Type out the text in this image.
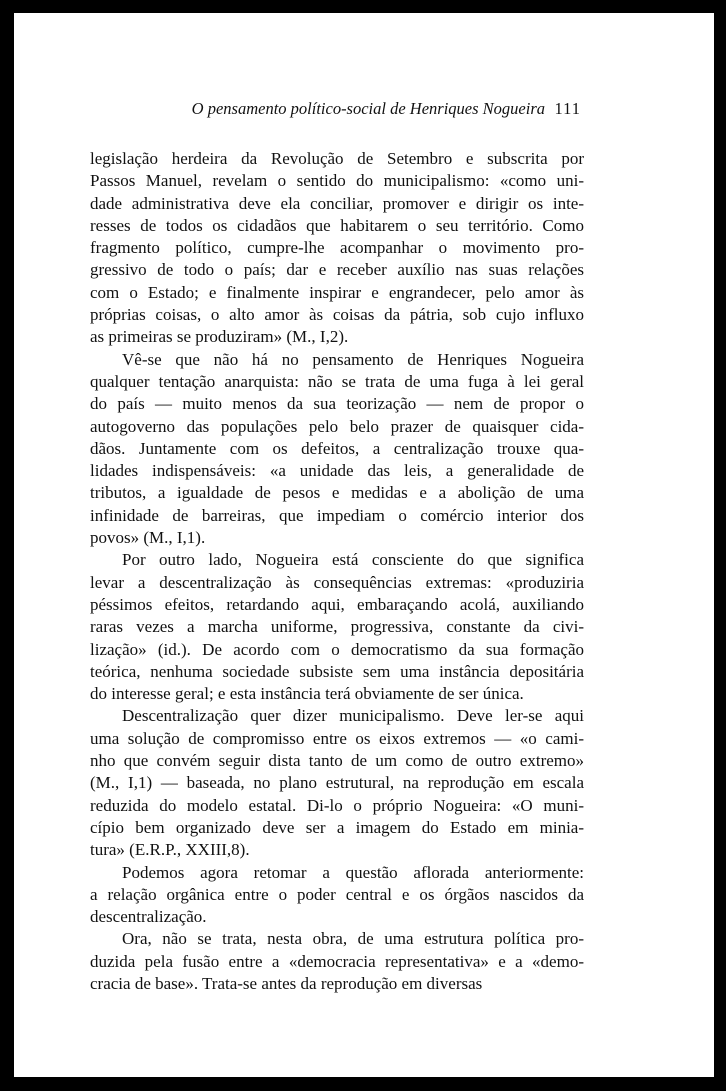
O pensamento político-social de Henriques Nogueira 111
legislação herdeira da Revolução de Setembro e subscrita por
Passos Manuel, revelam o sentido do municipalismo: «como uni-
dade administrativa deve ela conciliar, promover e dirigir os inte-
resses de todos os cidadãos que habitarem o seu território. Como
fragmento político, cumpre-lhe acompanhar o movimento pro-
gressivo de todo o país; dar e receber auxílio nas suas relações
com o Estado; e finalmente inspirar e engrandecer, pelo amor às
próprias coisas, o alto amor às coisas da pátria, sob cujo influxo
as primeiras se produziram» (M., I,2).
Vê-se que não há no pensamento de Henriques Nogueira
qualquer tentação anarquista: não se trata de uma fuga à lei geral
do país — muito menos da sua teorização — nem de propor o
autogoverno das populações pelo belo prazer de quaisquer cida-
dãos. Juntamente com os defeitos, a centralização trouxe qua-
lidades indispensáveis: «a unidade das leis, a generalidade de
tributos, a igualdade de pesos e medidas e a abolição de uma
infinidade de barreiras, que impediam o comércio interior dos
povos» (M., I,1).
Por outro lado, Nogueira está consciente do que significa
levar a descentralização às consequências extremas: «produziria
péssimos efeitos, retardando aqui, embaraçando acolá, auxiliando
raras vezes a marcha uniforme, progressiva, constante da civi-
lização» (id.). De acordo com o democratismo da sua formação
teórica, nenhuma sociedade subsiste sem uma instância depositária
do interesse geral; e esta instância terá obviamente de ser única.
Descentralização quer dizer municipalismo. Deve ler-se aqui
uma solução de compromisso entre os eixos extremos — «o cami-
nho que convém seguir dista tanto de um como de outro extremo»
(M., I,1) — baseada, no plano estrutural, na reprodução em escala
reduzida do modelo estatal. Di-lo o próprio Nogueira: «O muni-
cípio bem organizado deve ser a imagem do Estado em minia-
tura» (E.R.P., XXIII,8).
Podemos agora retomar a questão aflorada anteriormente:
a relação orgânica entre o poder central e os órgãos nascidos da
descentralização.
Ora, não se trata, nesta obra, de uma estrutura política pro-
duzida pela fusão entre a «democracia representativa» e a «demo-
cracia de base». Trata-se antes da reprodução em diversas
